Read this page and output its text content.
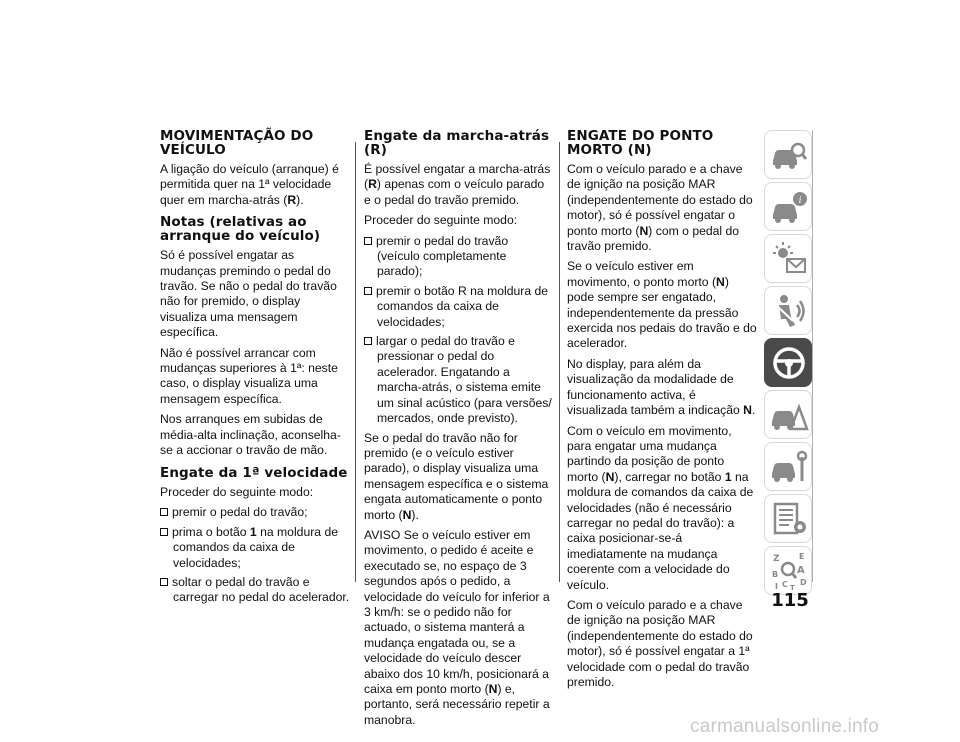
MOVIMENTAÇÃO DO VEÍCULO

A ligação do veículo (arranque) é permitida quer na 1ª velocidade quer em marcha-atrás (R).

Notas (relativas ao arranque do veículo)

Só é possível engatar as mudanças premindo o pedal do travão. Se não o pedal do travão não for premido, o display visualiza uma mensagem específica.

Não é possível arrancar com mudanças superiores à 1ª: neste caso, o display visualiza uma mensagem específica.

Nos arranques em subidas de média-alta inclinação, aconselha-se a accionar o travão de mão.

Engate da 1ª velocidade

Proceder do seguinte modo:

premir o pedal do travão;
prima o botão 1 na moldura de comandos da caixa de velocidades;
soltar o pedal do travão e carregar no pedal do acelerador.
Engate da marcha-atrás (R)

É possível engatar a marcha-atrás (R) apenas com o veículo parado e o pedal do travão premido.

Proceder do seguinte modo:

premir o pedal do travão (veículo completamente parado);
premir o botão R na moldura de comandos da caixa de velocidades;
largar o pedal do travão e pressionar o pedal do acelerador. Engatando a marcha-atrás, o sistema emite um sinal acústico (para versões/ mercados, onde previsto).

Se o pedal do travão não for premido (e o veículo estiver parado), o display visualiza uma mensagem específica e o sistema engata automaticamente o ponto morto (N).

AVISO Se o veículo estiver em movimento, o pedido é aceite e executado se, no espaço de 3 segundos após o pedido, a velocidade do veículo for inferior a 3 km/h: se o pedido não for actuado, o sistema manterá a mudança engatada ou, se a velocidade do veículo descer abaixo dos 10 km/h, posicionará a caixa em ponto morto (N) e, portanto, será necessário repetir a manobra.

ENGATE DO PONTO MORTO (N)

Com o veículo parado e a chave de ignição na posição MAR (independentemente do estado do motor), só é possível engatar o ponto morto (N) com o pedal do travão premido.

Se o veículo estiver em movimento, o ponto morto (N) pode sempre ser engatado, independentemente da pressão exercida nos pedais do travão e do acelerador.

No display, para além da visualização da modalidade de funcionamento activa, é visualizada também a indicação N.

Com o veículo em movimento, para engatar uma mudança partindo da posição de ponto morto (N), carregar no botão 1 na moldura de comandos da caixa de velocidades (não é necessário carregar no pedal do travão): a caixa posicionar-se-á imediatamente na mudança coerente com a velocidade do veículo.

Com o veículo parado e a chave de ignição na posição MAR (independentemente do estado do motor), só é possível engatar a 1ª velocidade com o pedal do travão premido.

i
Z E
A
B
C D
I T
115
carmanualsonline.info
